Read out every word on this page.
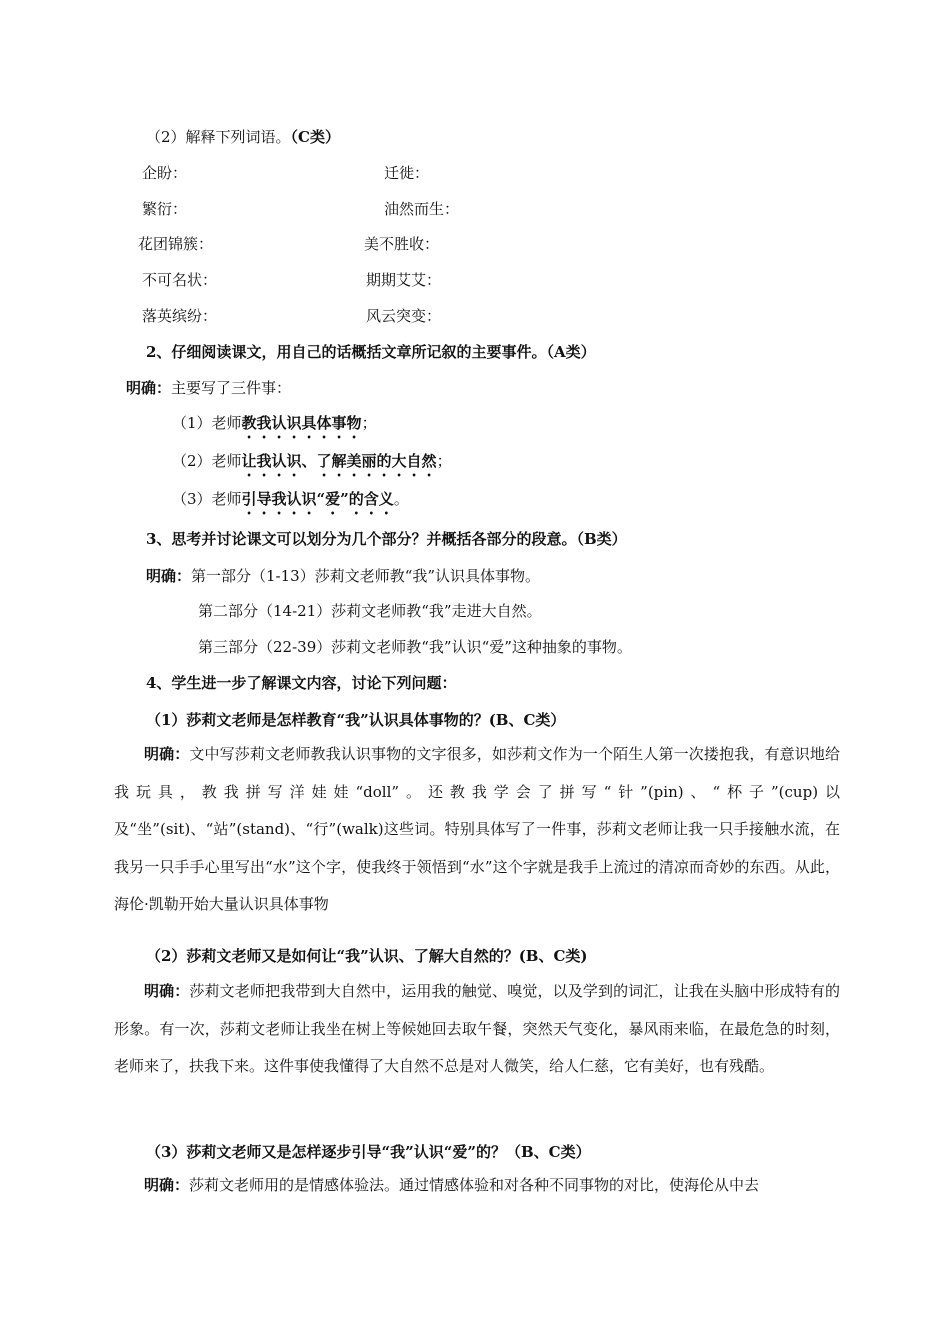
（2）解释下列词语。（C类）
企盼：	迁徙：
繁衍：	油然而生：
花团锦簇：	美不胜收：
不可名状：	期期艾艾：
落英缤纷：	风云突变：
2、仔细阅读课文，用自己的话概括文章所记叙的主要事件。（A类）
明确：主要写了三件事：
（1）老师教我认识具体事物；
（2）老师让我认识、了解美丽的大自然；
（3）老师引导我认识“爱”的含义。
3、思考并讨论课文可以划分为几个部分？并概括各部分的段意。（B类）
明确：第一部分（1-13）莎莉文老师教“我”认识具体事物。
第二部分（14-21）莎莉文老师教“我”走进大自然。
第三部分（22-39）莎莉文老师教“我”认识“爱”这种抽象的事物。
4、学生进一步了解课文内容，讨论下列问题：
（1）莎莉文老师是怎样教育“我”认识具体事物的？(B、C类）
明确：文中写莎莉文老师教我认识事物的文字很多，如莎莉文作为一个陌生人第一次搂抱我，有意识地给我玩具，教我拼写洋娃娃“doll”。还教我学会了拼写“针”(pin)、“杯子”(cup)以及“坐”(sit)、“站”(stand)、“行”(walk)这些词。特别具体写了一件事，莎莉文老师让我一只手接触水流，在我另一只手手心里写出“水”这个字，使我终于领悟到“水”这个字就是我手上流过的清凉而奇妙的东西。从此，海伦·凯勒开始大量认识具体事物
（2）莎莉文老师又是如何让“我”认识、了解大自然的？(B、C类)
明确：莎莉文老师把我带到大自然中，运用我的触觉、嗅觉，以及学到的词汇，让我在头脑中形成特有的形象。有一次，莎莉文老师让我坐在树上等候她回去取午餐，突然天气变化，暴风雨来临，在最危急的时刻，老师来了，扶我下来。这件事使我懂得了大自然不总是对人微笑，给人仁慈，它有美好，也有残酷。
（3）莎莉文老师又是怎样逐步引导“我”认识“爱”的？（B、C类）
明确：莎莉文老师用的是情感体验法。通过情感体验和对各种不同事物的对比，使海伦从中去
